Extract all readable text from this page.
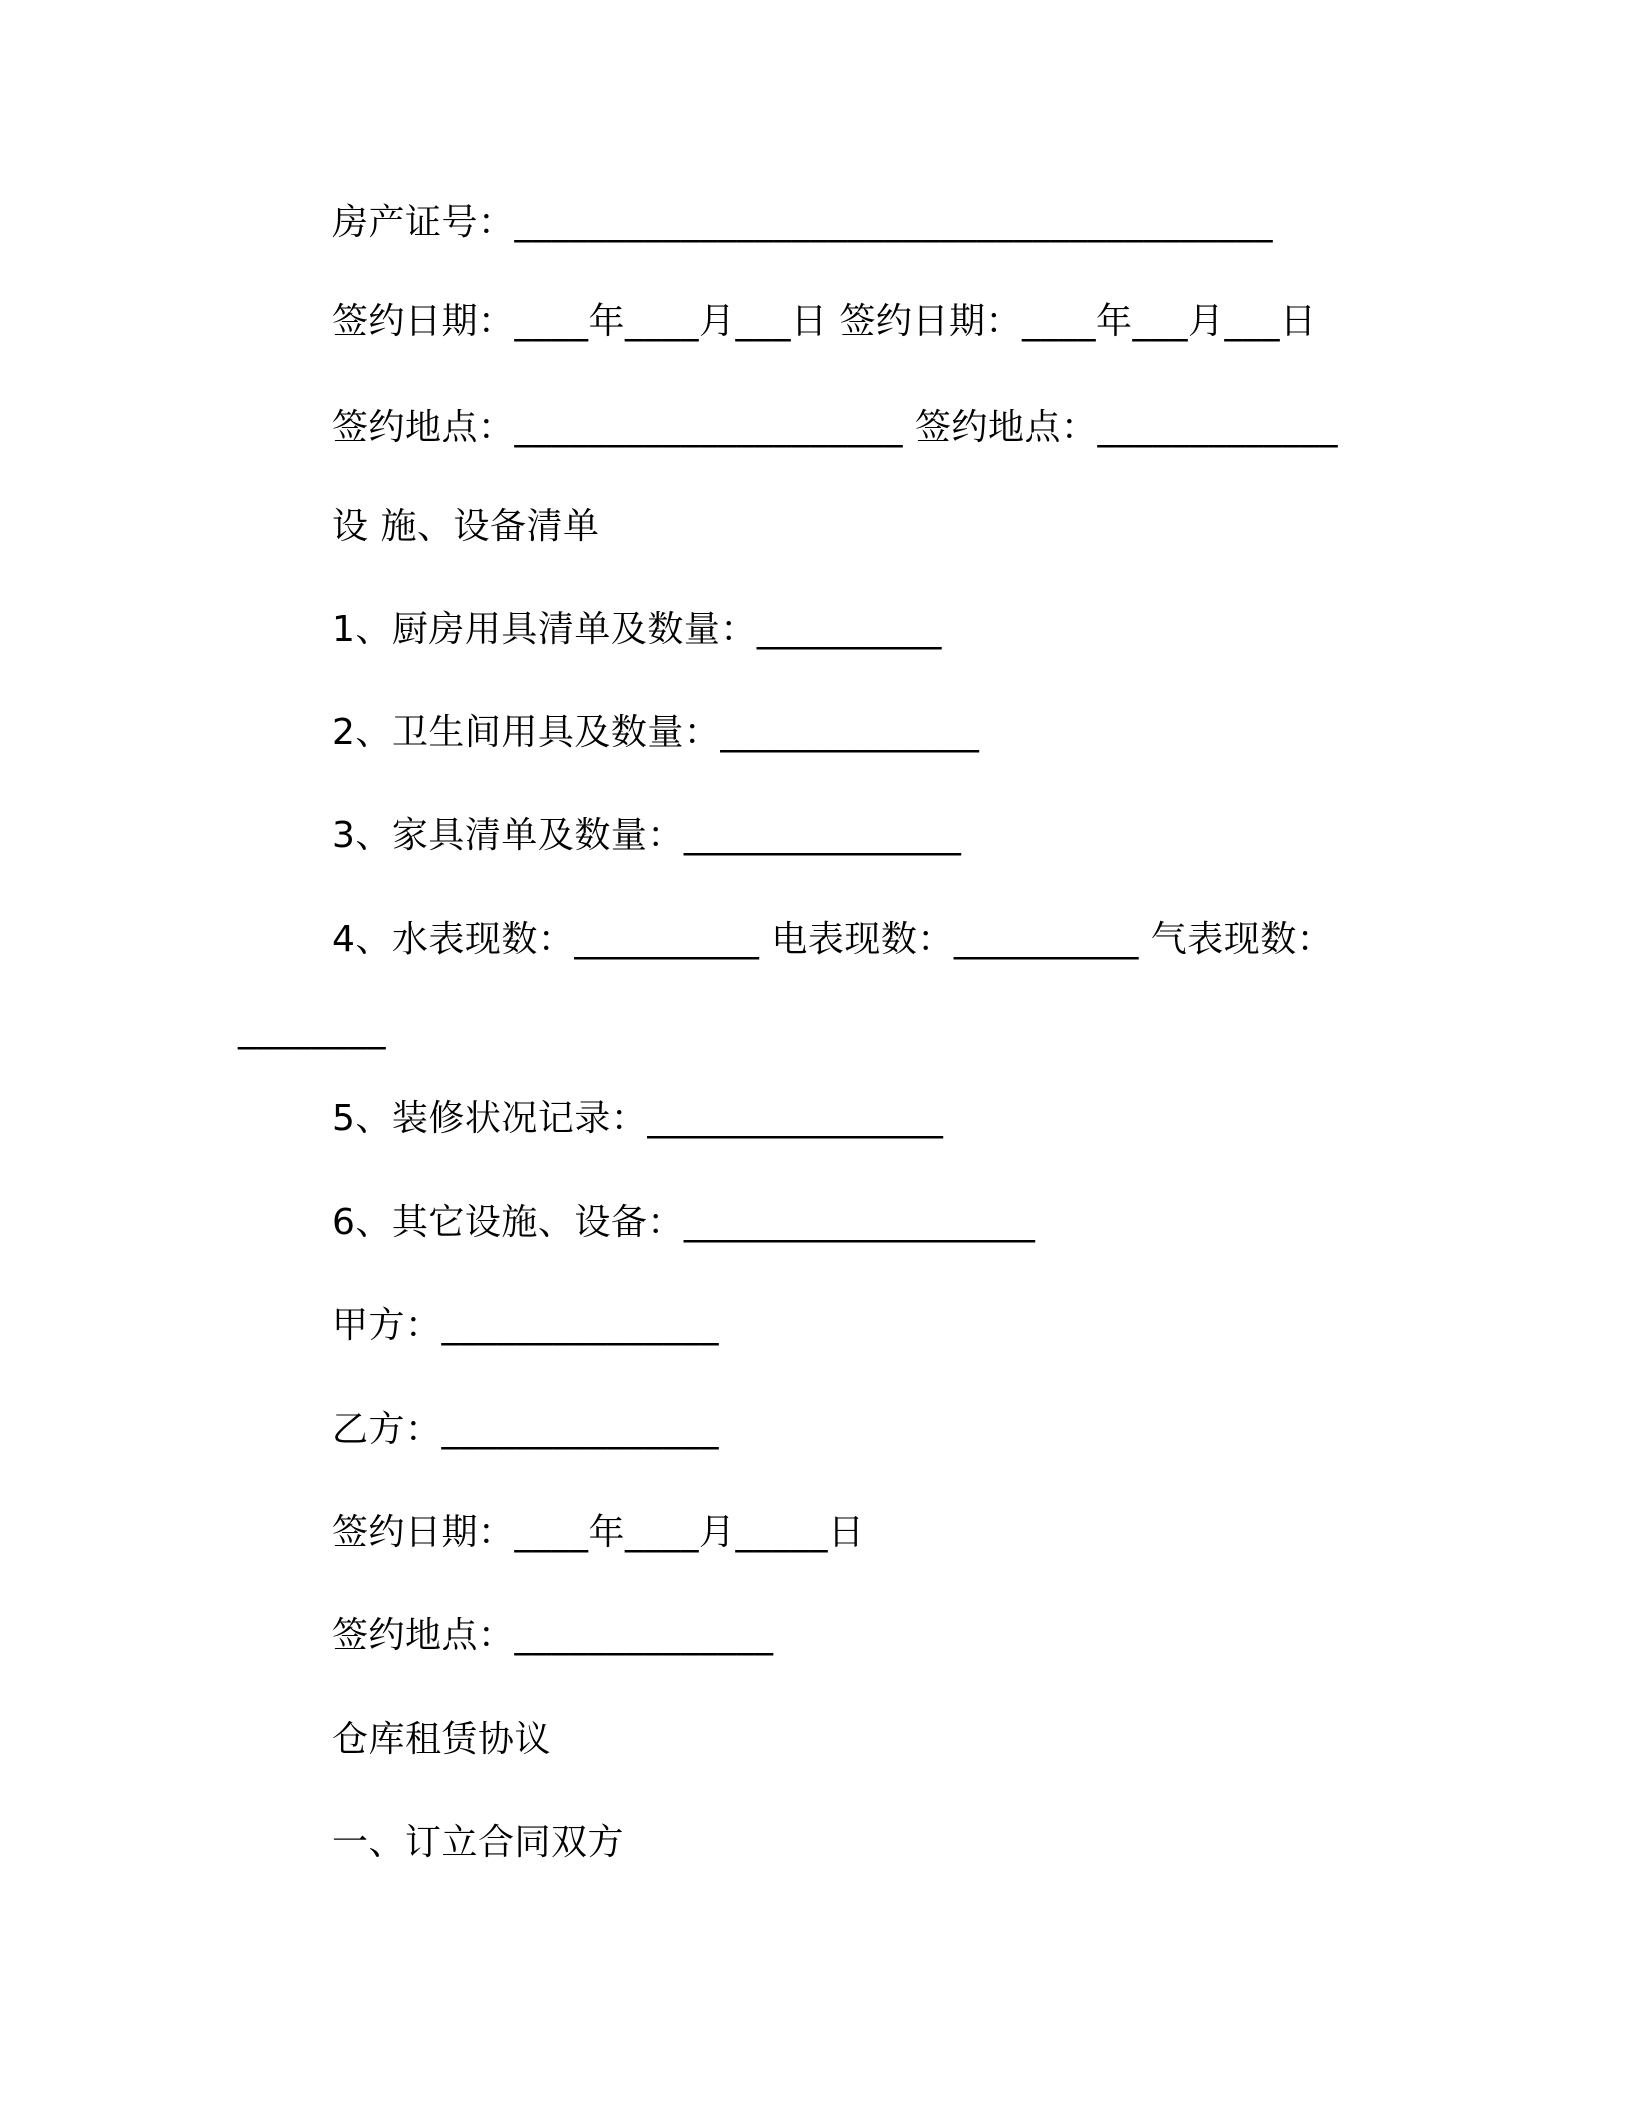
房产证号：_________________________________________
签约日期：____年____月___日 签约日期：____年___月___日
签约地点：_____________________ 签约地点：_____________
设 施、设备清单
1、厨房用具清单及数量：__________
2、卫生间用具及数量：______________
3、家具清单及数量：_______________
4、水表现数：__________ 电表现数：__________ 气表现数：
________
5、装修状况记录：________________
6、其它设施、设备：___________________
甲方：_______________
乙方：_______________
签约日期：____年____月_____日
签约地点：______________
仓库租赁协议
一、订立合同双方
